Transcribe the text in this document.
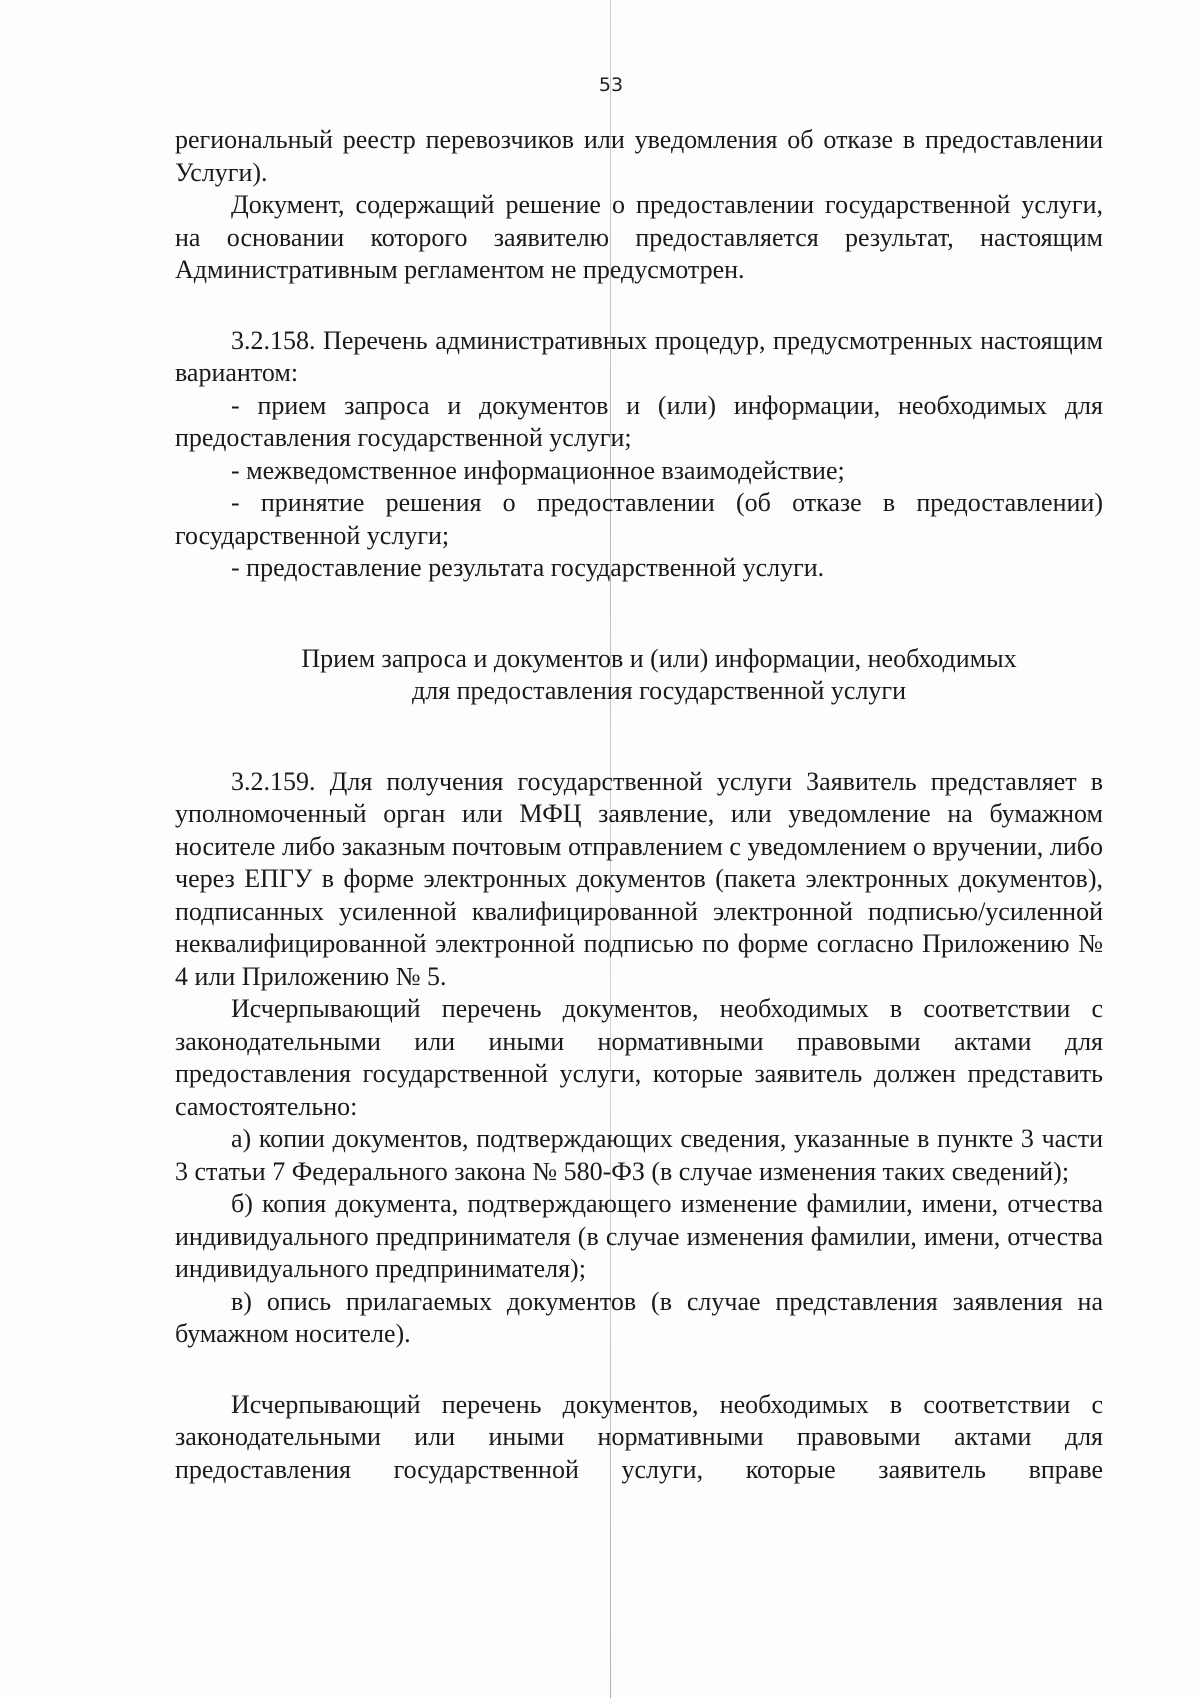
53

региональный реестр перевозчиков или уведомления об отказе в предоставлении Услуги).

Документ, содержащий решение о предоставлении государственной услуги, на основании которого заявителю предоставляется результат, настоящим Административным регламентом не предусмотрен.

3.2.158. Перечень административных процедур, предусмотренных настоящим вариантом:

- прием запроса и документов и (или) информации, необходимых для предоставления государственной услуги;

- межведомственное информационное взаимодействие;

- принятие решения о предоставлении (об отказе в предоставлении) государственной услуги;

- предоставление результата государственной услуги.

Прием запроса и документов и (или) информации, необходимых

для предоставления государственной услуги

3.2.159. Для получения государственной услуги Заявитель представляет в уполномоченный орган или МФЦ заявление, или уведомление на бумажном носителе либо заказным почтовым отправлением с уведомлением о вручении, либо через ЕПГУ в форме электронных документов (пакета электронных документов), подписанных усиленной квалифицированной электронной подписью/усиленной неквалифицированной электронной подписью по форме согласно Приложению № 4 или Приложению № 5.

Исчерпывающий перечень документов, необходимых в соответствии с законодательными или иными нормативными правовыми актами для предоставления государственной услуги, которые заявитель должен представить самостоятельно:

а) копии документов, подтверждающих сведения, указанные в пункте 3 части 3 статьи 7 Федерального закона № 580-ФЗ (в случае изменения таких сведений);

б) копия документа, подтверждающего изменение фамилии, имени, отчества индивидуального предпринимателя (в случае изменения фамилии, имени, отчества индивидуального предпринимателя);

в) опись прилагаемых документов (в случае представления заявления на бумажном носителе).

Исчерпывающий перечень документов, необходимых в соответствии с законодательными или иными нормативными правовыми актами для предоставления государственной услуги, которые заявитель вправе
